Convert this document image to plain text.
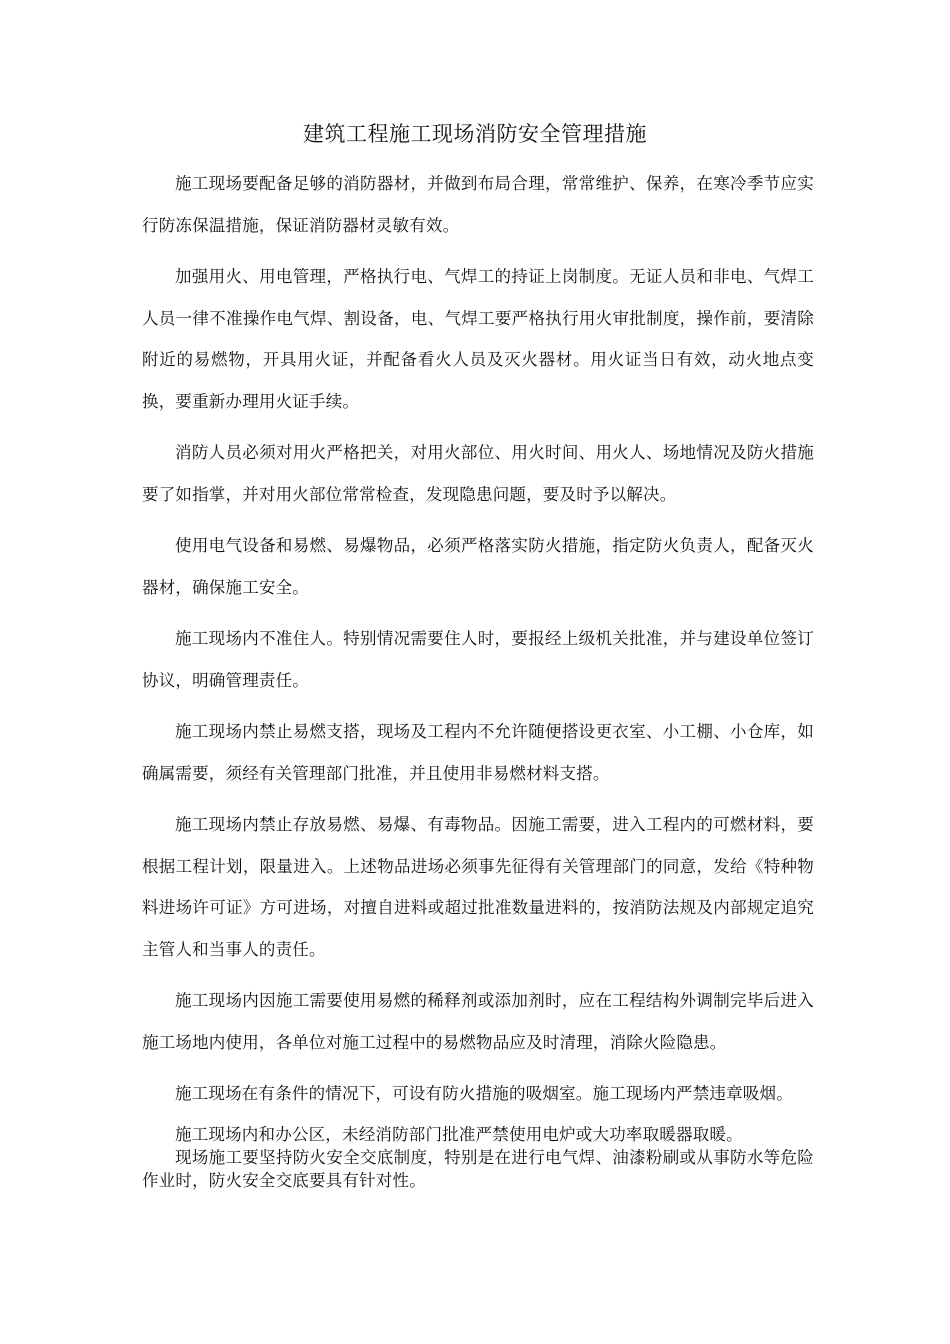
建筑工程施工现场消防安全管理措施

施工现场要配备足够的消防器材，并做到布局合理，常常维护、保养，在寒冷季节应实行防冻保温措施，保证消防器材灵敏有效。

加强用火、用电管理，严格执行电、气焊工的持证上岗制度。无证人员和非电、气焊工人员一律不准操作电气焊、割设备，电、气焊工要严格执行用火审批制度，操作前，要清除附近的易燃物，开具用火证，并配备看火人员及灭火器材。用火证当日有效，动火地点变换，要重新办理用火证手续。

消防人员必须对用火严格把关，对用火部位、用火时间、用火人、场地情况及防火措施要了如指掌，并对用火部位常常检查，发现隐患问题，要及时予以解决。

使用电气设备和易燃、易爆物品，必须严格落实防火措施，指定防火负责人，配备灭火器材，确保施工安全。

施工现场内不准住人。特别情况需要住人时，要报经上级机关批准，并与建设单位签订协议，明确管理责任。

施工现场内禁止易燃支搭，现场及工程内不允许随便搭设更衣室、小工棚、小仓库，如确属需要，须经有关管理部门批准，并且使用非易燃材料支搭。

施工现场内禁止存放易燃、易爆、有毒物品。因施工需要，进入工程内的可燃材料，要根据工程计划，限量进入。上述物品进场必须事先征得有关管理部门的同意，发给《特种物料进场许可证》方可进场，对擅自进料或超过批准数量进料的，按消防法规及内部规定追究主管人和当事人的责任。

施工现场内因施工需要使用易燃的稀释剂或添加剂时，应在工程结构外调制完毕后进入施工场地内使用，各单位对施工过程中的易燃物品应及时清理，消除火险隐患。

施工现场在有条件的情况下，可设有防火措施的吸烟室。施工现场内严禁违章吸烟。

施工现场内和办公区，未经消防部门批准严禁使用电炉或大功率取暖器取暖。

现场施工要坚持防火安全交底制度，特别是在进行电气焊、油漆粉刷或从事防水等危险作业时，防火安全交底要具有针对性。
